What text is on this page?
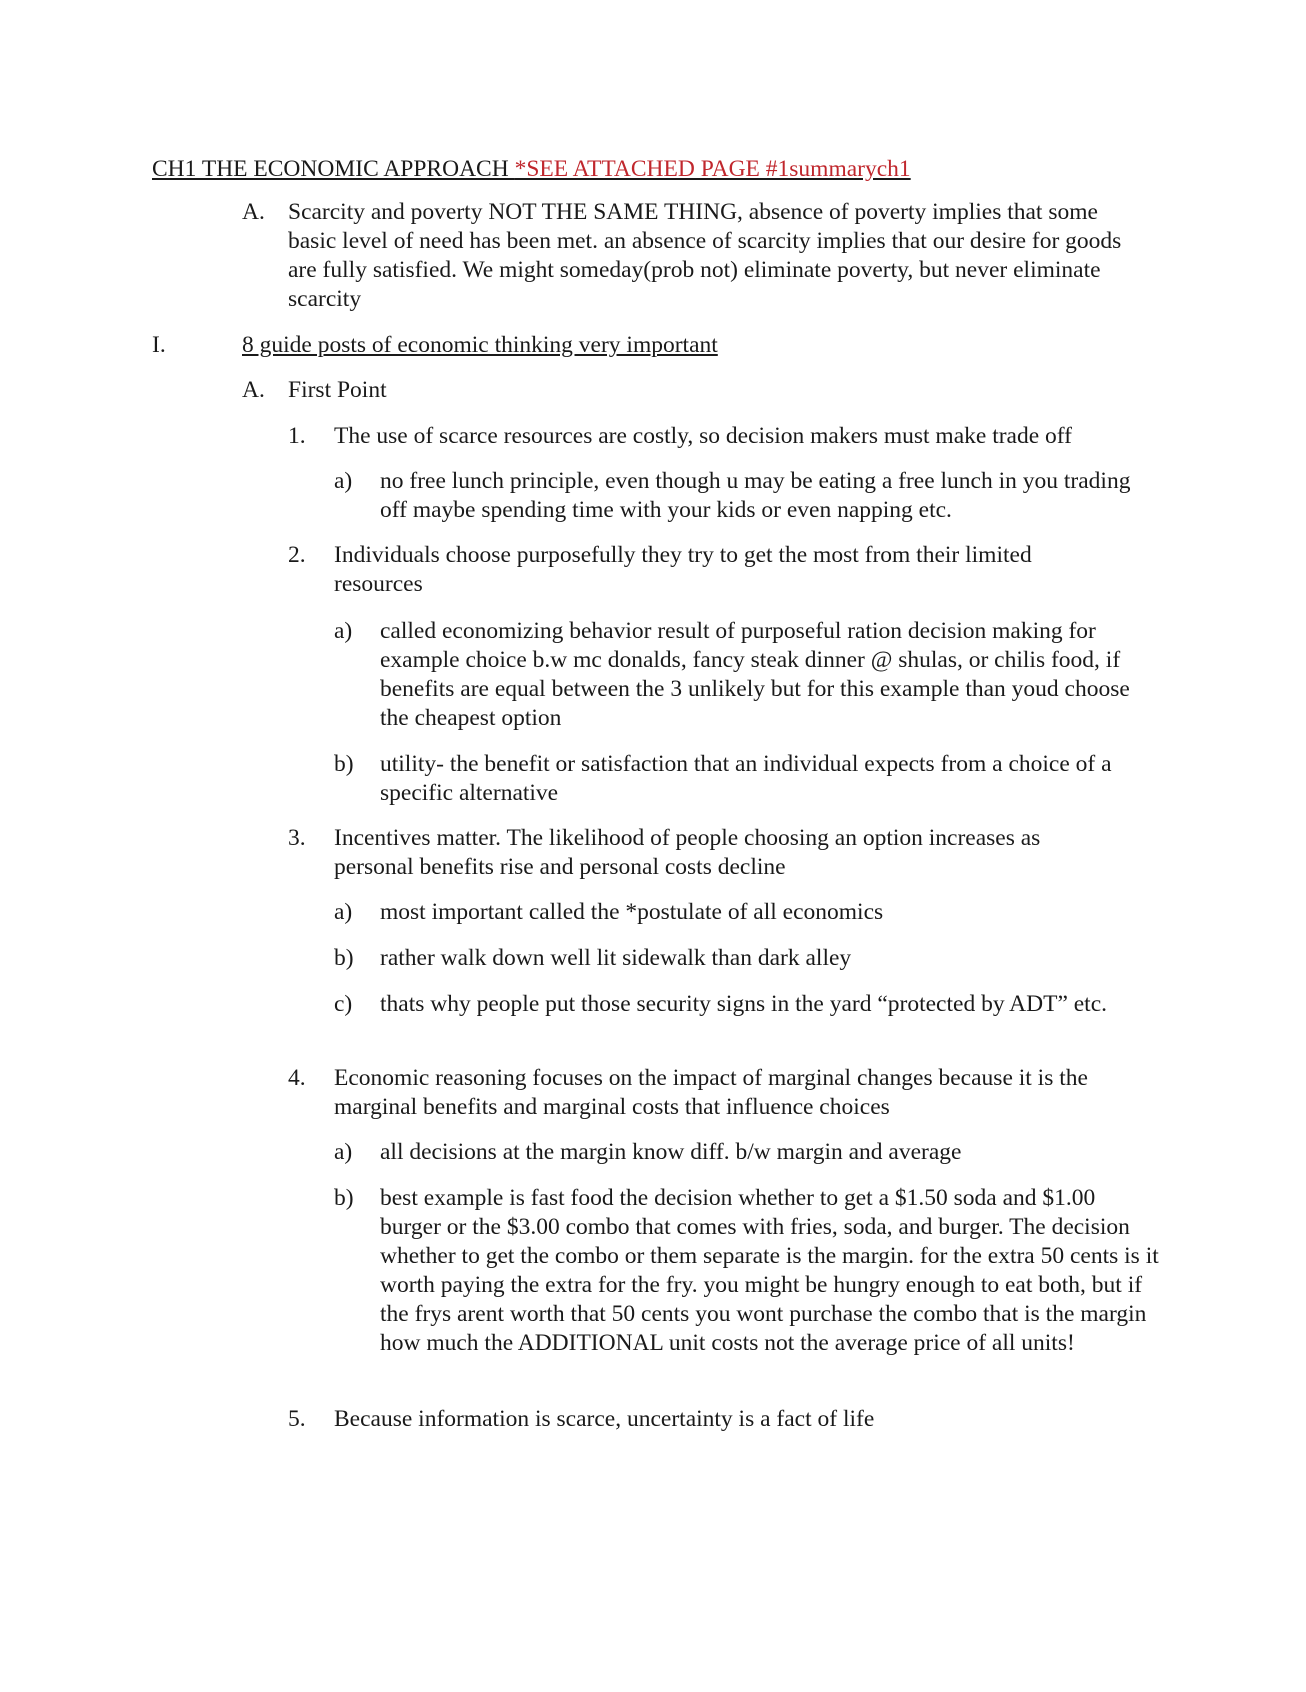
CH1 THE ECONOMIC APPROACH *SEE ATTACHED PAGE #1summarych1
A. Scarcity and poverty NOT THE SAME THING, absence of poverty implies that some basic level of need has been met. an absence of scarcity implies that our desire for goods are fully satisfied. We might someday(prob not) eliminate poverty, but never eliminate scarcity
I.	8 guide posts of economic thinking very important
A. First Point
1. The use of scarce resources are costly, so decision makers must make trade off
a) no free lunch principle, even though u may be eating a free lunch in you trading off maybe spending time with your kids or even napping etc.
2. Individuals choose purposefully they try to get the most from their limited resources
a) called economizing behavior result of purposeful ration decision making for example choice b.w mc donalds, fancy steak dinner @ shulas, or chilis food, if benefits are equal between the 3 unlikely but for this example than youd choose the cheapest option
b) utility- the benefit or satisfaction that an individual expects from a choice of a specific alternative
3. Incentives matter. The likelihood of people choosing an option increases as personal benefits rise and personal costs decline
a) most important called the *postulate of all economics
b) rather walk down well lit sidewalk than dark alley
c) thats why people put those security signs in the yard “protected by ADT” etc.
4. Economic reasoning focuses on the impact of marginal changes because it is the marginal benefits and marginal costs that influence choices
a) all decisions at the margin know diff. b/w margin and average
b) best example is fast food the decision whether to get a $1.50 soda and $1.00 burger or the $3.00 combo that comes with fries, soda, and burger. The decision whether to get the combo or them separate is the margin. for the extra 50 cents is it worth paying the extra for the fry. you might be hungry enough to eat both, but if the frys arent worth that 50 cents you wont purchase the combo that is the margin how much the ADDITIONAL unit costs not the average price of all units!
5. Because information is scarce, uncertainty is a fact of life
